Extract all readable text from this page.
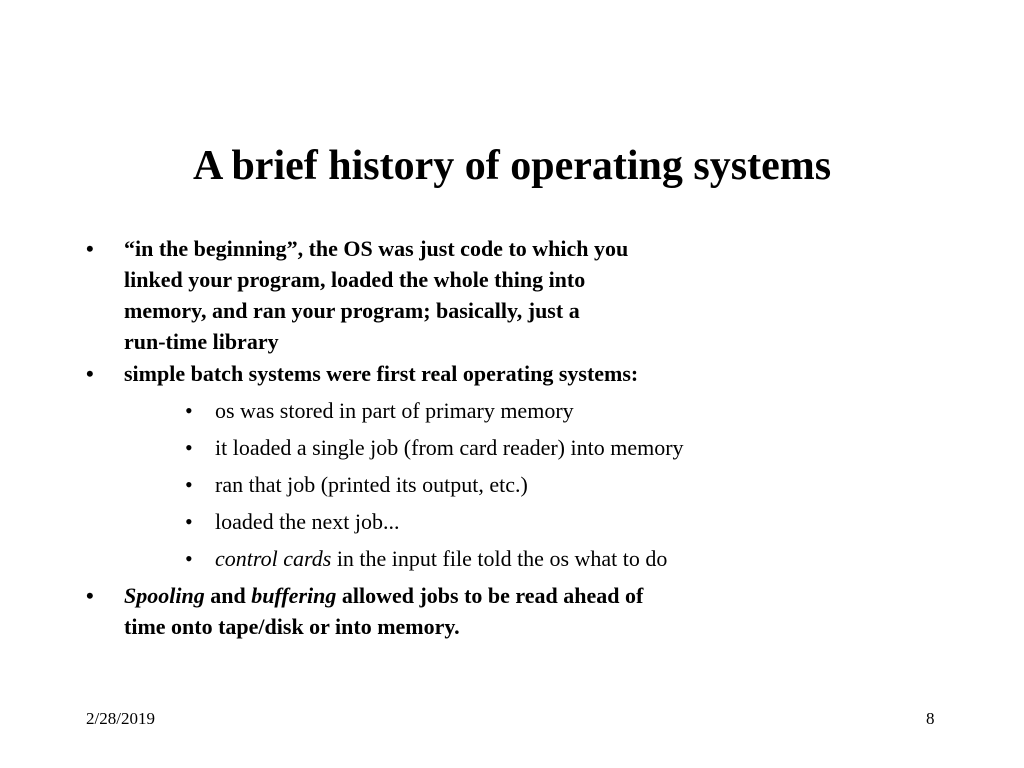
A brief history of operating systems
• “in the beginning”, the OS was just code to which you
linked your program, loaded the whole thing into
memory, and ran your program; basically, just a
run-time library

• simple batch systems were first real operating systems:

• os was stored in part of primary memory

• it loaded a single job (from card reader) into memory

• ran that job (printed its output, etc.)

• loaded the next job...

• control cards in the input file told the os what to do

• Spooling and buffering allowed jobs to be read ahead of
time onto tape/disk or into memory.

2/28/2019	8
